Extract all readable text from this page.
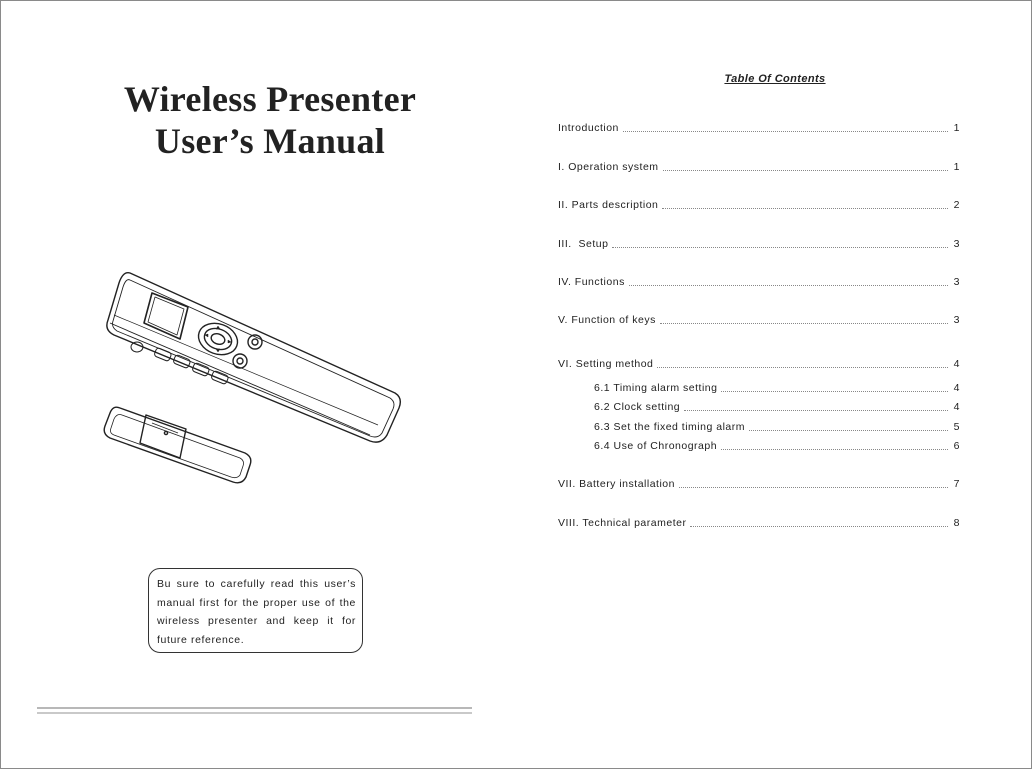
Wireless Presenter
User’s Manual
Bu sure to carefully read this user’s manual first for the proper use of the wireless presenter and keep it for future reference.
Table Of Contents
Introduction	1
I. Operation system	1
II. Parts description	2
III.  Setup	3
IV. Functions	3
V. Function of keys	3
VI. Setting method	4
6.1 Timing alarm setting	4
6.2 Clock setting	4
6.3 Set the fixed timing alarm	5
6.4 Use of Chronograph	6
VII. Battery installation	7
VIII. Technical parameter	8
